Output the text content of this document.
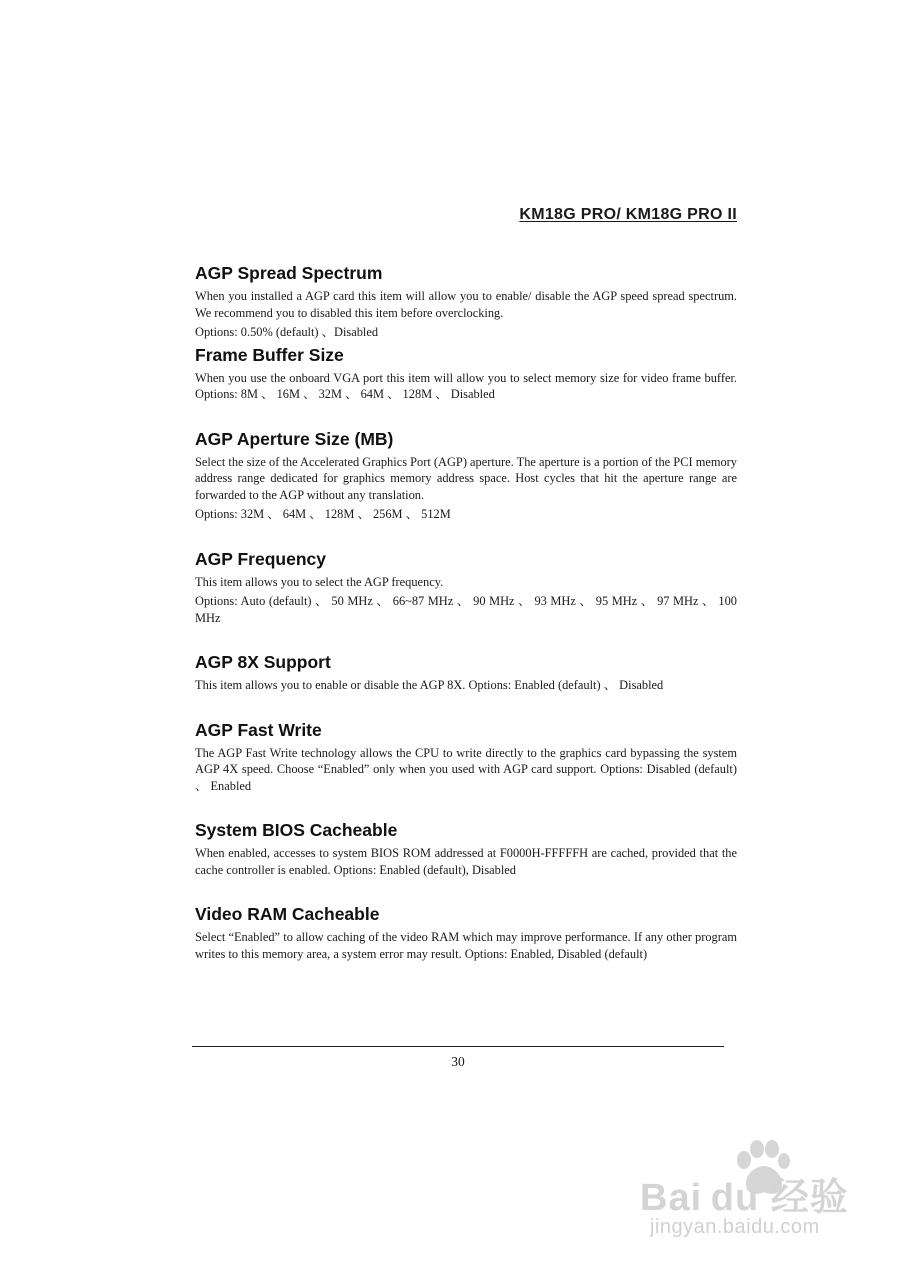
KM18G PRO/ KM18G PRO II
AGP Spread Spectrum

When you installed a AGP card this item will allow you to enable/ disable the AGP speed spread spectrum. We recommend you to disabled this item before overclocking.

Options: 0.50% (default) 、Disabled

Frame Buffer Size

When you use the onboard VGA port this item will allow you to select memory size for video frame buffer. Options: 8M 、 16M 、 32M 、 64M 、 128M 、 Disabled

AGP Aperture Size (MB)

Select the size of the Accelerated Graphics Port (AGP) aperture. The aperture is a portion of the PCI memory address range dedicated for graphics memory address space. Host cycles that hit the aperture range are forwarded to the AGP without any translation.

Options: 32M 、 64M 、 128M 、 256M 、 512M

AGP Frequency

This item allows you to select the AGP frequency.

Options: Auto (default) 、 50 MHz 、 66~87 MHz 、 90 MHz 、 93 MHz 、 95 MHz 、 97 MHz 、 100 MHz

AGP 8X Support

This item allows you to enable or disable the AGP 8X. Options: Enabled (default) 、 Disabled

AGP Fast Write

The AGP Fast Write technology allows the CPU to write directly to the graphics card bypassing the system AGP 4X speed. Choose “Enabled” only when you used with AGP card support. Options: Disabled (default) 、 Enabled

System BIOS Cacheable

When enabled, accesses to system BIOS ROM addressed at F0000H-FFFFFH are cached, provided that the cache controller is enabled. Options: Enabled (default), Disabled

Video RAM Cacheable

Select “Enabled” to allow caching of the video RAM which may improve performance. If any other program writes to this memory area, a system error may result. Options: Enabled, Disabled (default)

30
Bai du 经验
jingyan.baidu.com
